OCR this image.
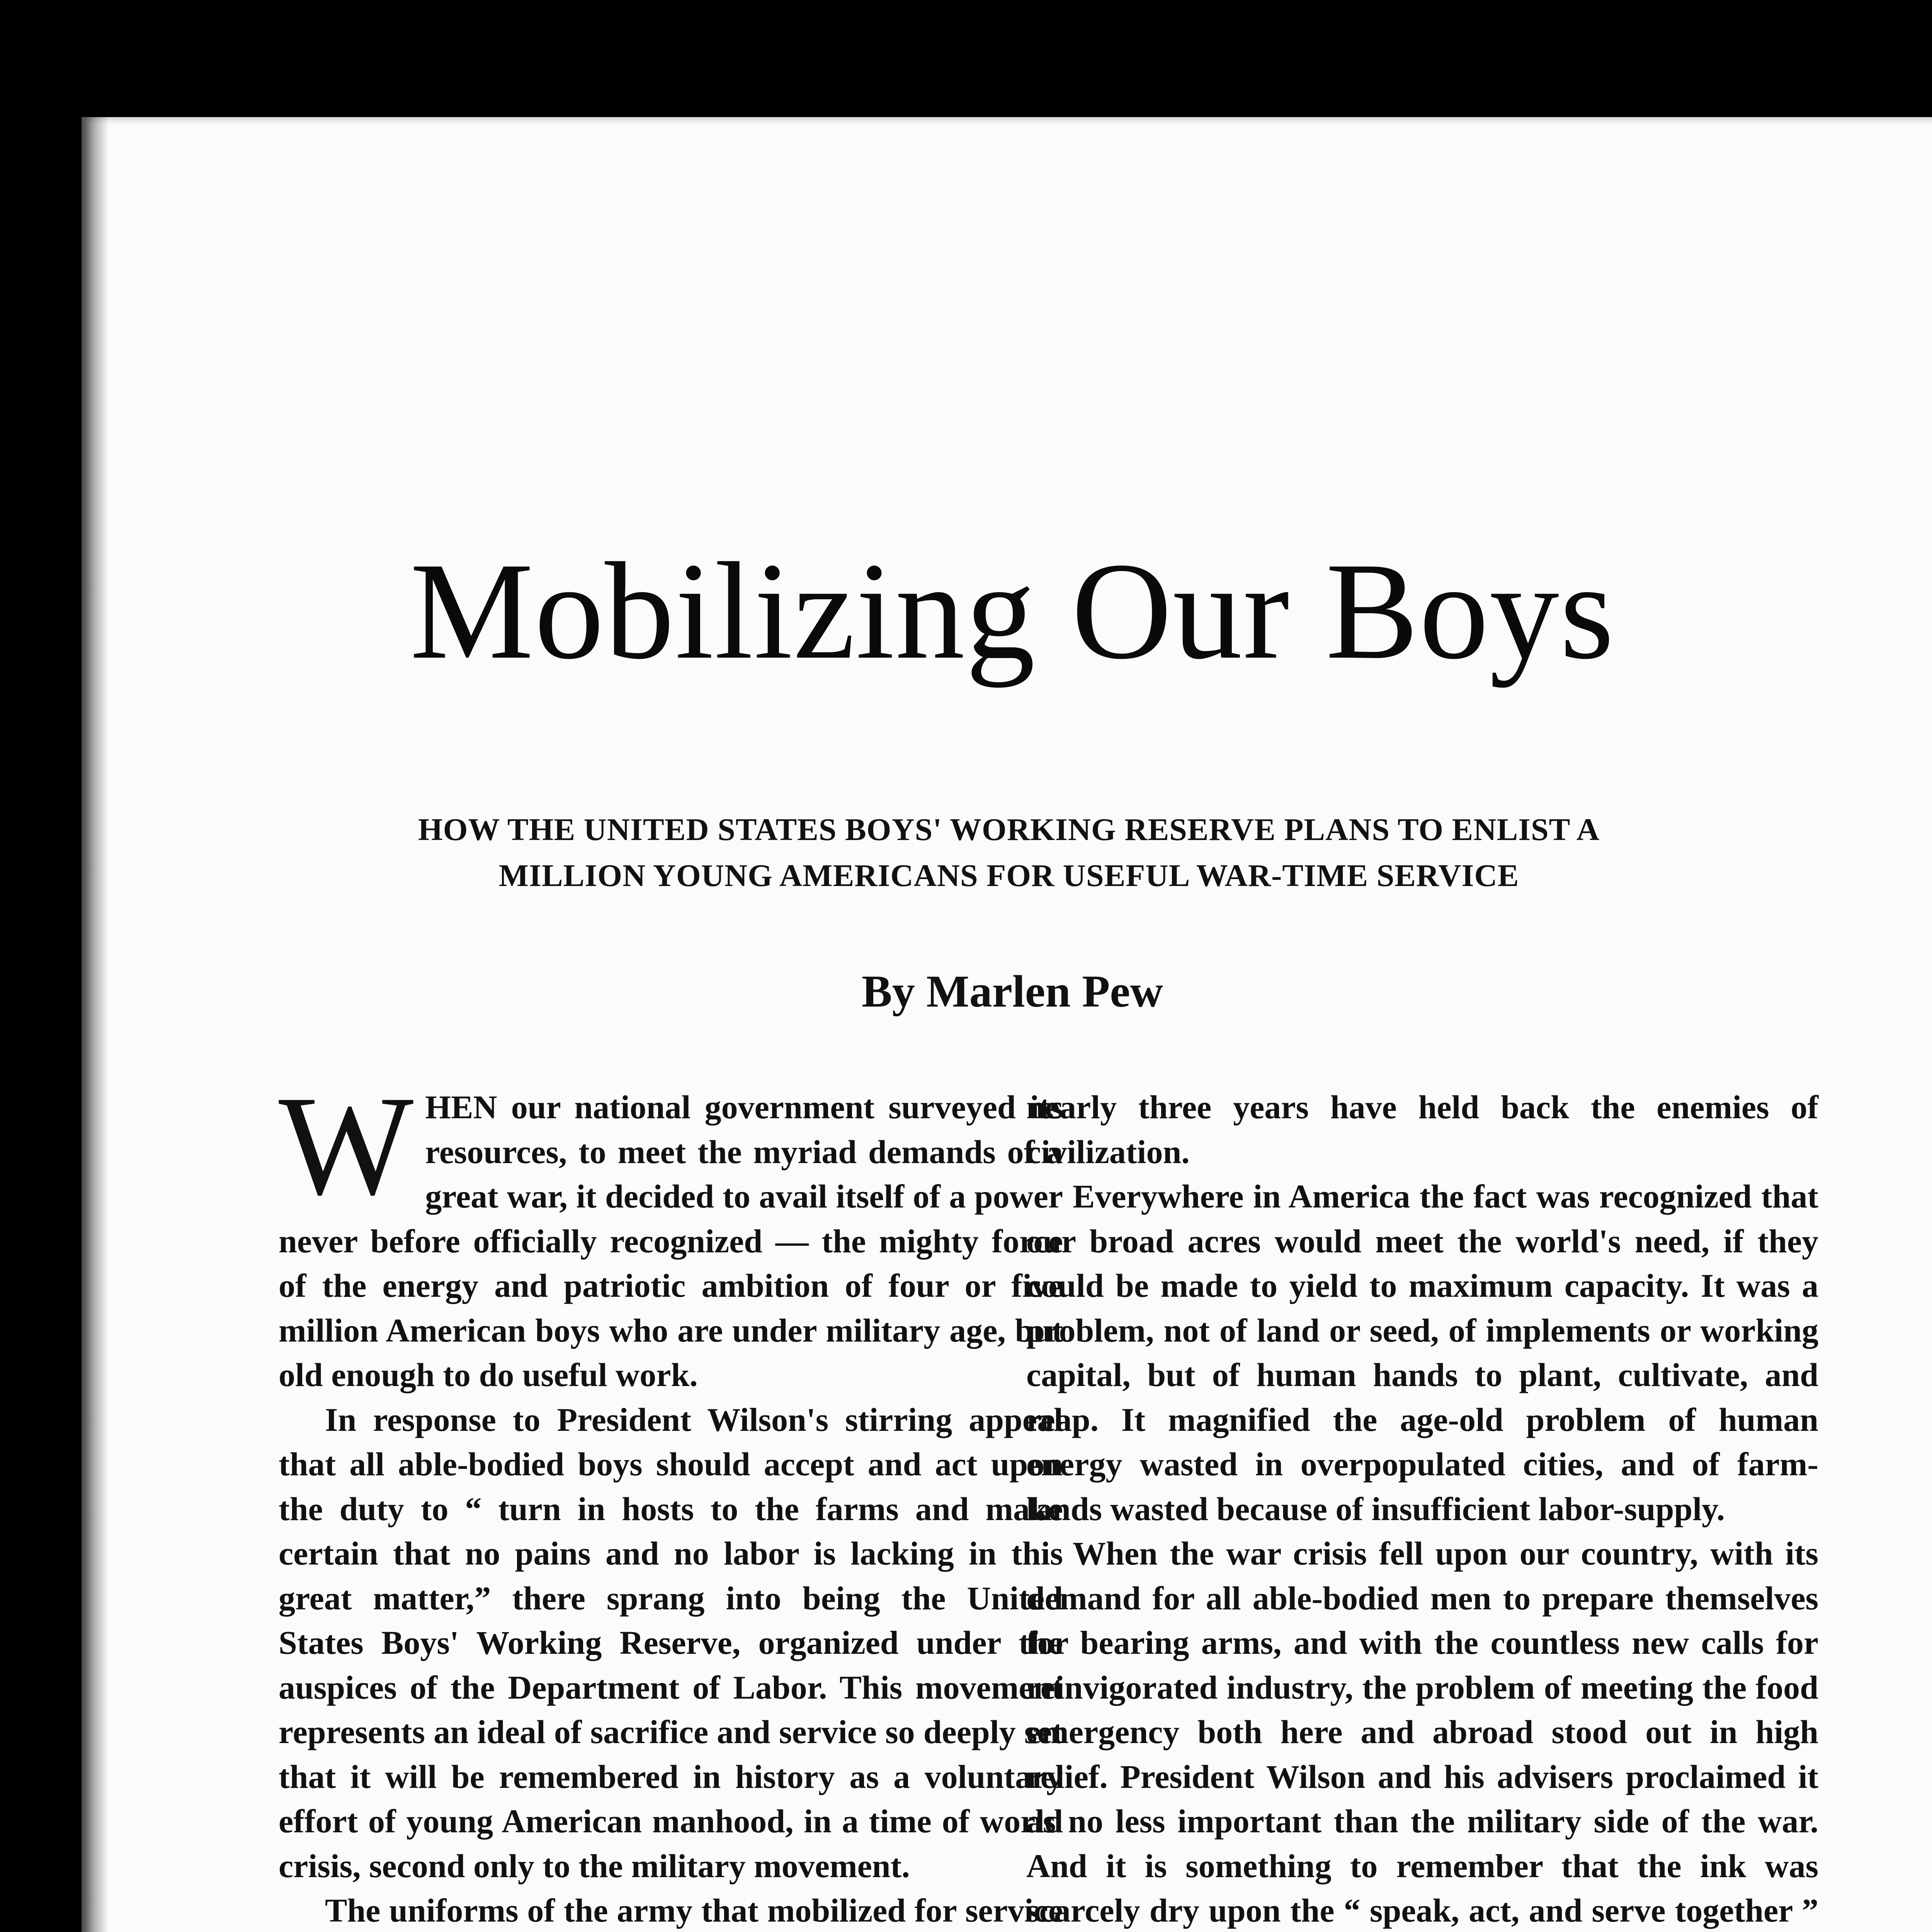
Mobilizing Our Boys
HOW THE UNITED STATES BOYS' WORKING RESERVE PLANS TO ENLIST A
MILLION YOUNG AMERICANS FOR USEFUL WAR-TIME SERVICE
By Marlen Pew

WHEN our national government surveyed its resources, to meet the myriad demands of a great war, it decided to avail itself of a power never before officially recognized — the mighty force of the energy and patriotic ambition of four or five million American boys who are under military age, but old enough to do useful work.

In response to President Wilson's stirring appeal that all able-bodied boys should accept and act upon the duty to “ turn in hosts to the farms and make certain that no pains and no labor is lacking in this great matter,” there sprang into being the United States Boys' Working Reserve, organized under the auspices of the Department of Labor. This movement represents an ideal of sacrifice and service so deeply set that it will be remembered in history as a voluntary effort of young American manhood, in a time of world crisis, second only to the military movement.

The uniforms of the army that mobilized for service

nearly three years have held back the enemies of civilization.

Everywhere in America the fact was recognized that our broad acres would meet the world's need, if they could be made to yield to maximum capacity. It was a problem, not of land or seed, of implements or working capital, but of human hands to plant, cultivate, and reap. It magnified the age-old problem of human energy wasted in overpopulated cities, and of farm-lands wasted because of insufficient labor-supply.

When the war crisis fell upon our country, with its demand for all able-bodied men to prepare themselves for bearing arms, and with the countless new calls for reinvigorated industry, the problem of meeting the food emergency both here and abroad stood out in high relief. President Wilson and his advisers proclaimed it as no less important than the military side of the war. And it is something to remember that the ink was scarcely dry upon the “ speak, act, and serve together ”
